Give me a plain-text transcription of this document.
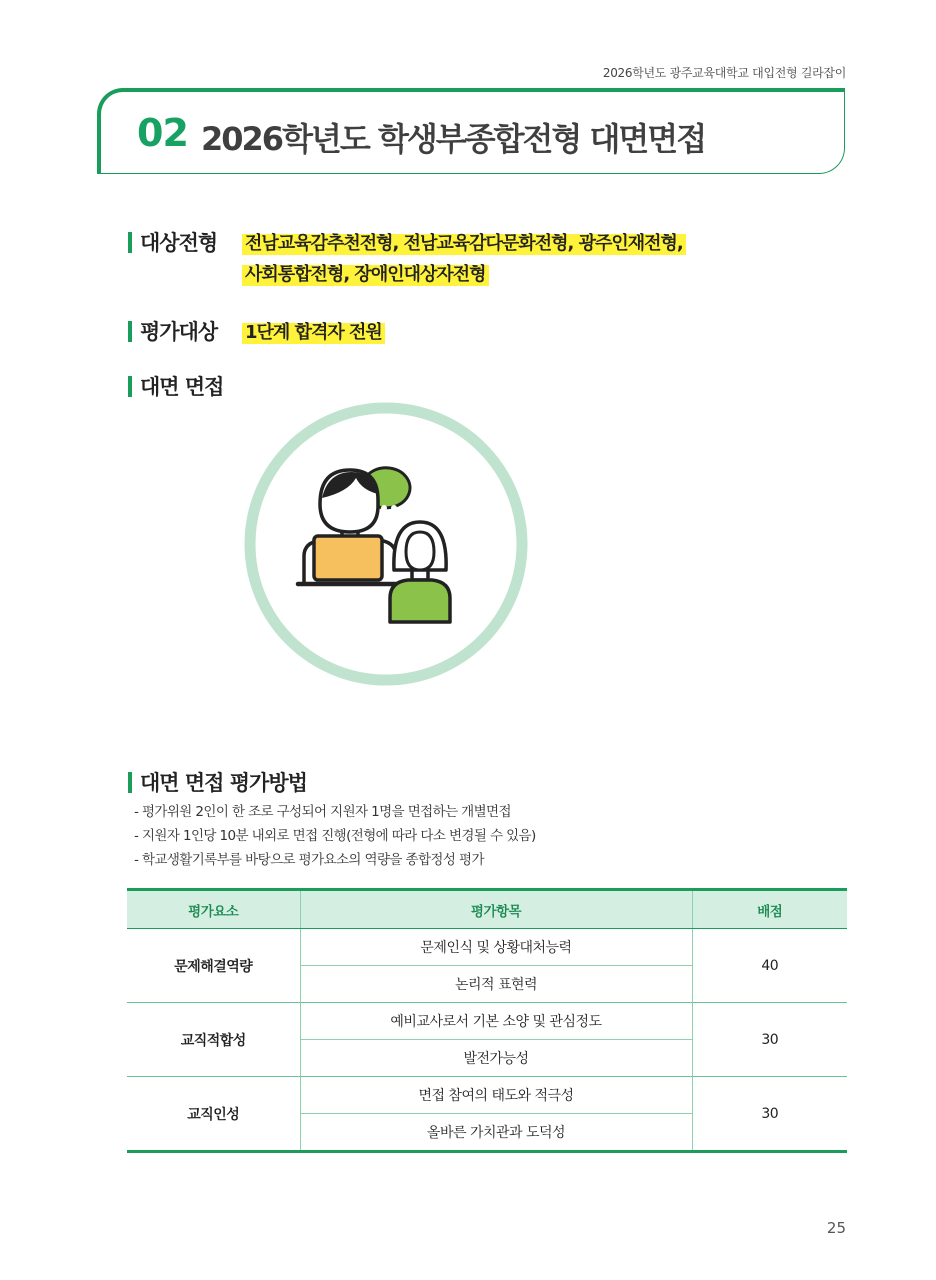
2026학년도 광주교육대학교 대입전형 길라잡이
02 2026학년도 학생부종합전형 대면면접
대상전형 전남교육감추천전형, 전남교육감다문화전형, 광주인재전형,
사회통합전형, 장애인대상자전형
평가대상 1단계 합격자 전원
대면 면접
대면 면접 평가방법
- 평가위원 2인이 한 조로 구성되어 지원자 1명을 면접하는 개별면접
- 지원자 1인당 10분 내외로 면접 진행(전형에 따라 다소 변경될 수 있음)
- 학교생활기록부를 바탕으로 평가요소의 역량을 종합정성 평가
평가요소	평가항목	배점
문제해결역량	문제인식 및 상황대처능력	40
	논리적 표현력	
교직적합성	예비교사로서 기본 소양 및 관심정도	30
	발전가능성	
교직인성	면접 참여의 태도와 적극성	30
	올바른 가치관과 도덕성	
25
